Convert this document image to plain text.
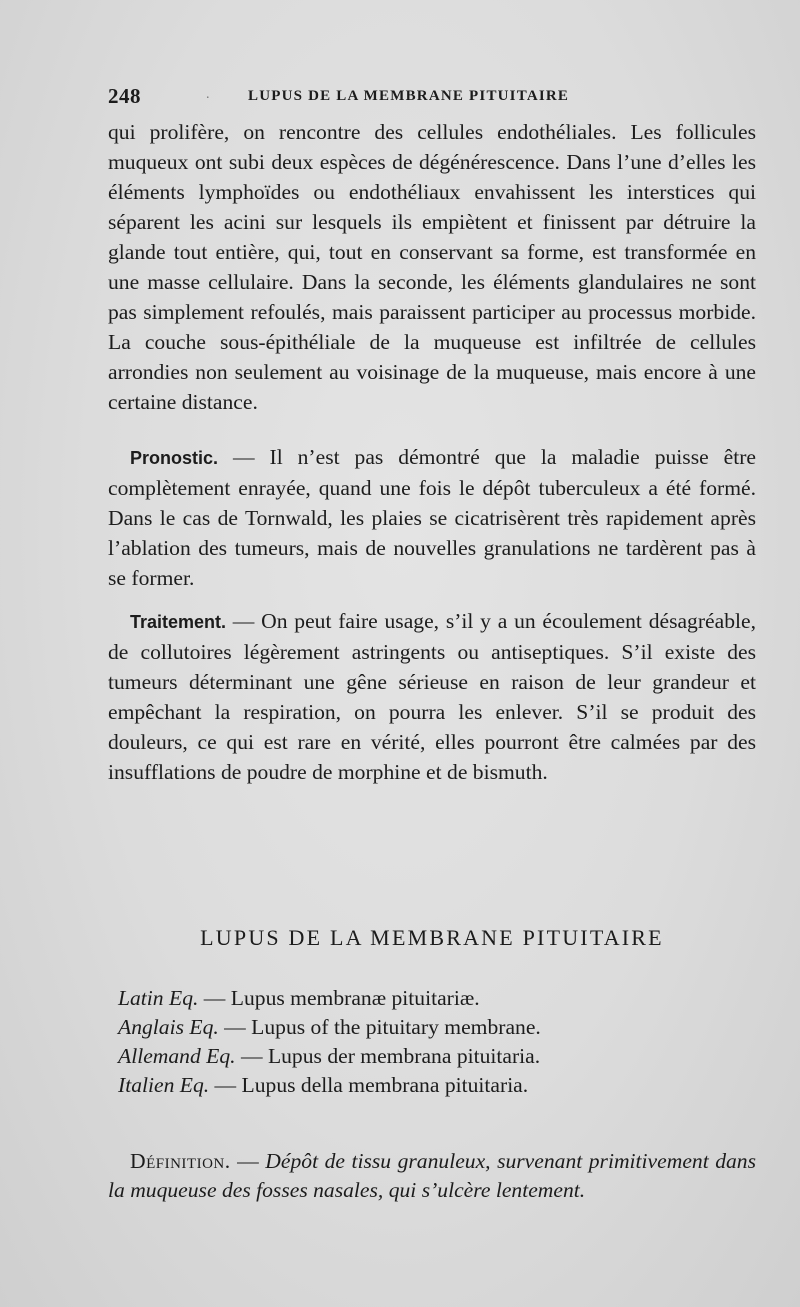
248	.	LUPUS DE LA MEMBRANE PITUITAIRE

qui prolifère, on rencontre des cellules endothéliales. Les follicules muqueux ont subi deux espèces de dégénérescence. Dans l’une d’elles les éléments lymphoïdes ou endothéliaux envahissent les interstices qui séparent les acini sur lesquels ils empiètent et finissent par détruire la glande tout entière, qui, tout en conservant sa forme, est transformée en une masse cellulaire. Dans la seconde, les éléments glandulaires ne sont pas simplement refoulés, mais paraissent participer au processus morbide. La couche sous-épithéliale de la muqueuse est infiltrée de cellules arrondies non seulement au voisinage de la muqueuse, mais encore à une certaine distance.

Pronostic. — Il n’est pas démontré que la maladie puisse être complètement enrayée, quand une fois le dépôt tuberculeux a été formé. Dans le cas de Tornwald, les plaies se cicatrisèrent très rapidement après l’ablation des tumeurs, mais de nouvelles granulations ne tardèrent pas à se former.

Traitement. — On peut faire usage, s’il y a un écoulement désagréable, de collutoires légèrement astringents ou antiseptiques. S’il existe des tumeurs déterminant une gêne sérieuse en raison de leur grandeur et empêchant la respiration, on pourra les enlever. S’il se produit des douleurs, ce qui est rare en vérité, elles pourront être calmées par des insufflations de poudre de morphine et de bismuth.

LUPUS DE LA MEMBRANE PITUITAIRE
Latin Eq. — Lupus membranæ pituitariæ.
Anglais Eq. — Lupus of the pituitary membrane.
Allemand Eq. — Lupus der membrana pituitaria.
Italien Eq. — Lupus della membrana pituitaria.

Définition. — Dépôt de tissu granuleux, survenant primitivement dans la muqueuse des fosses nasales, qui s’ulcère lentement.
